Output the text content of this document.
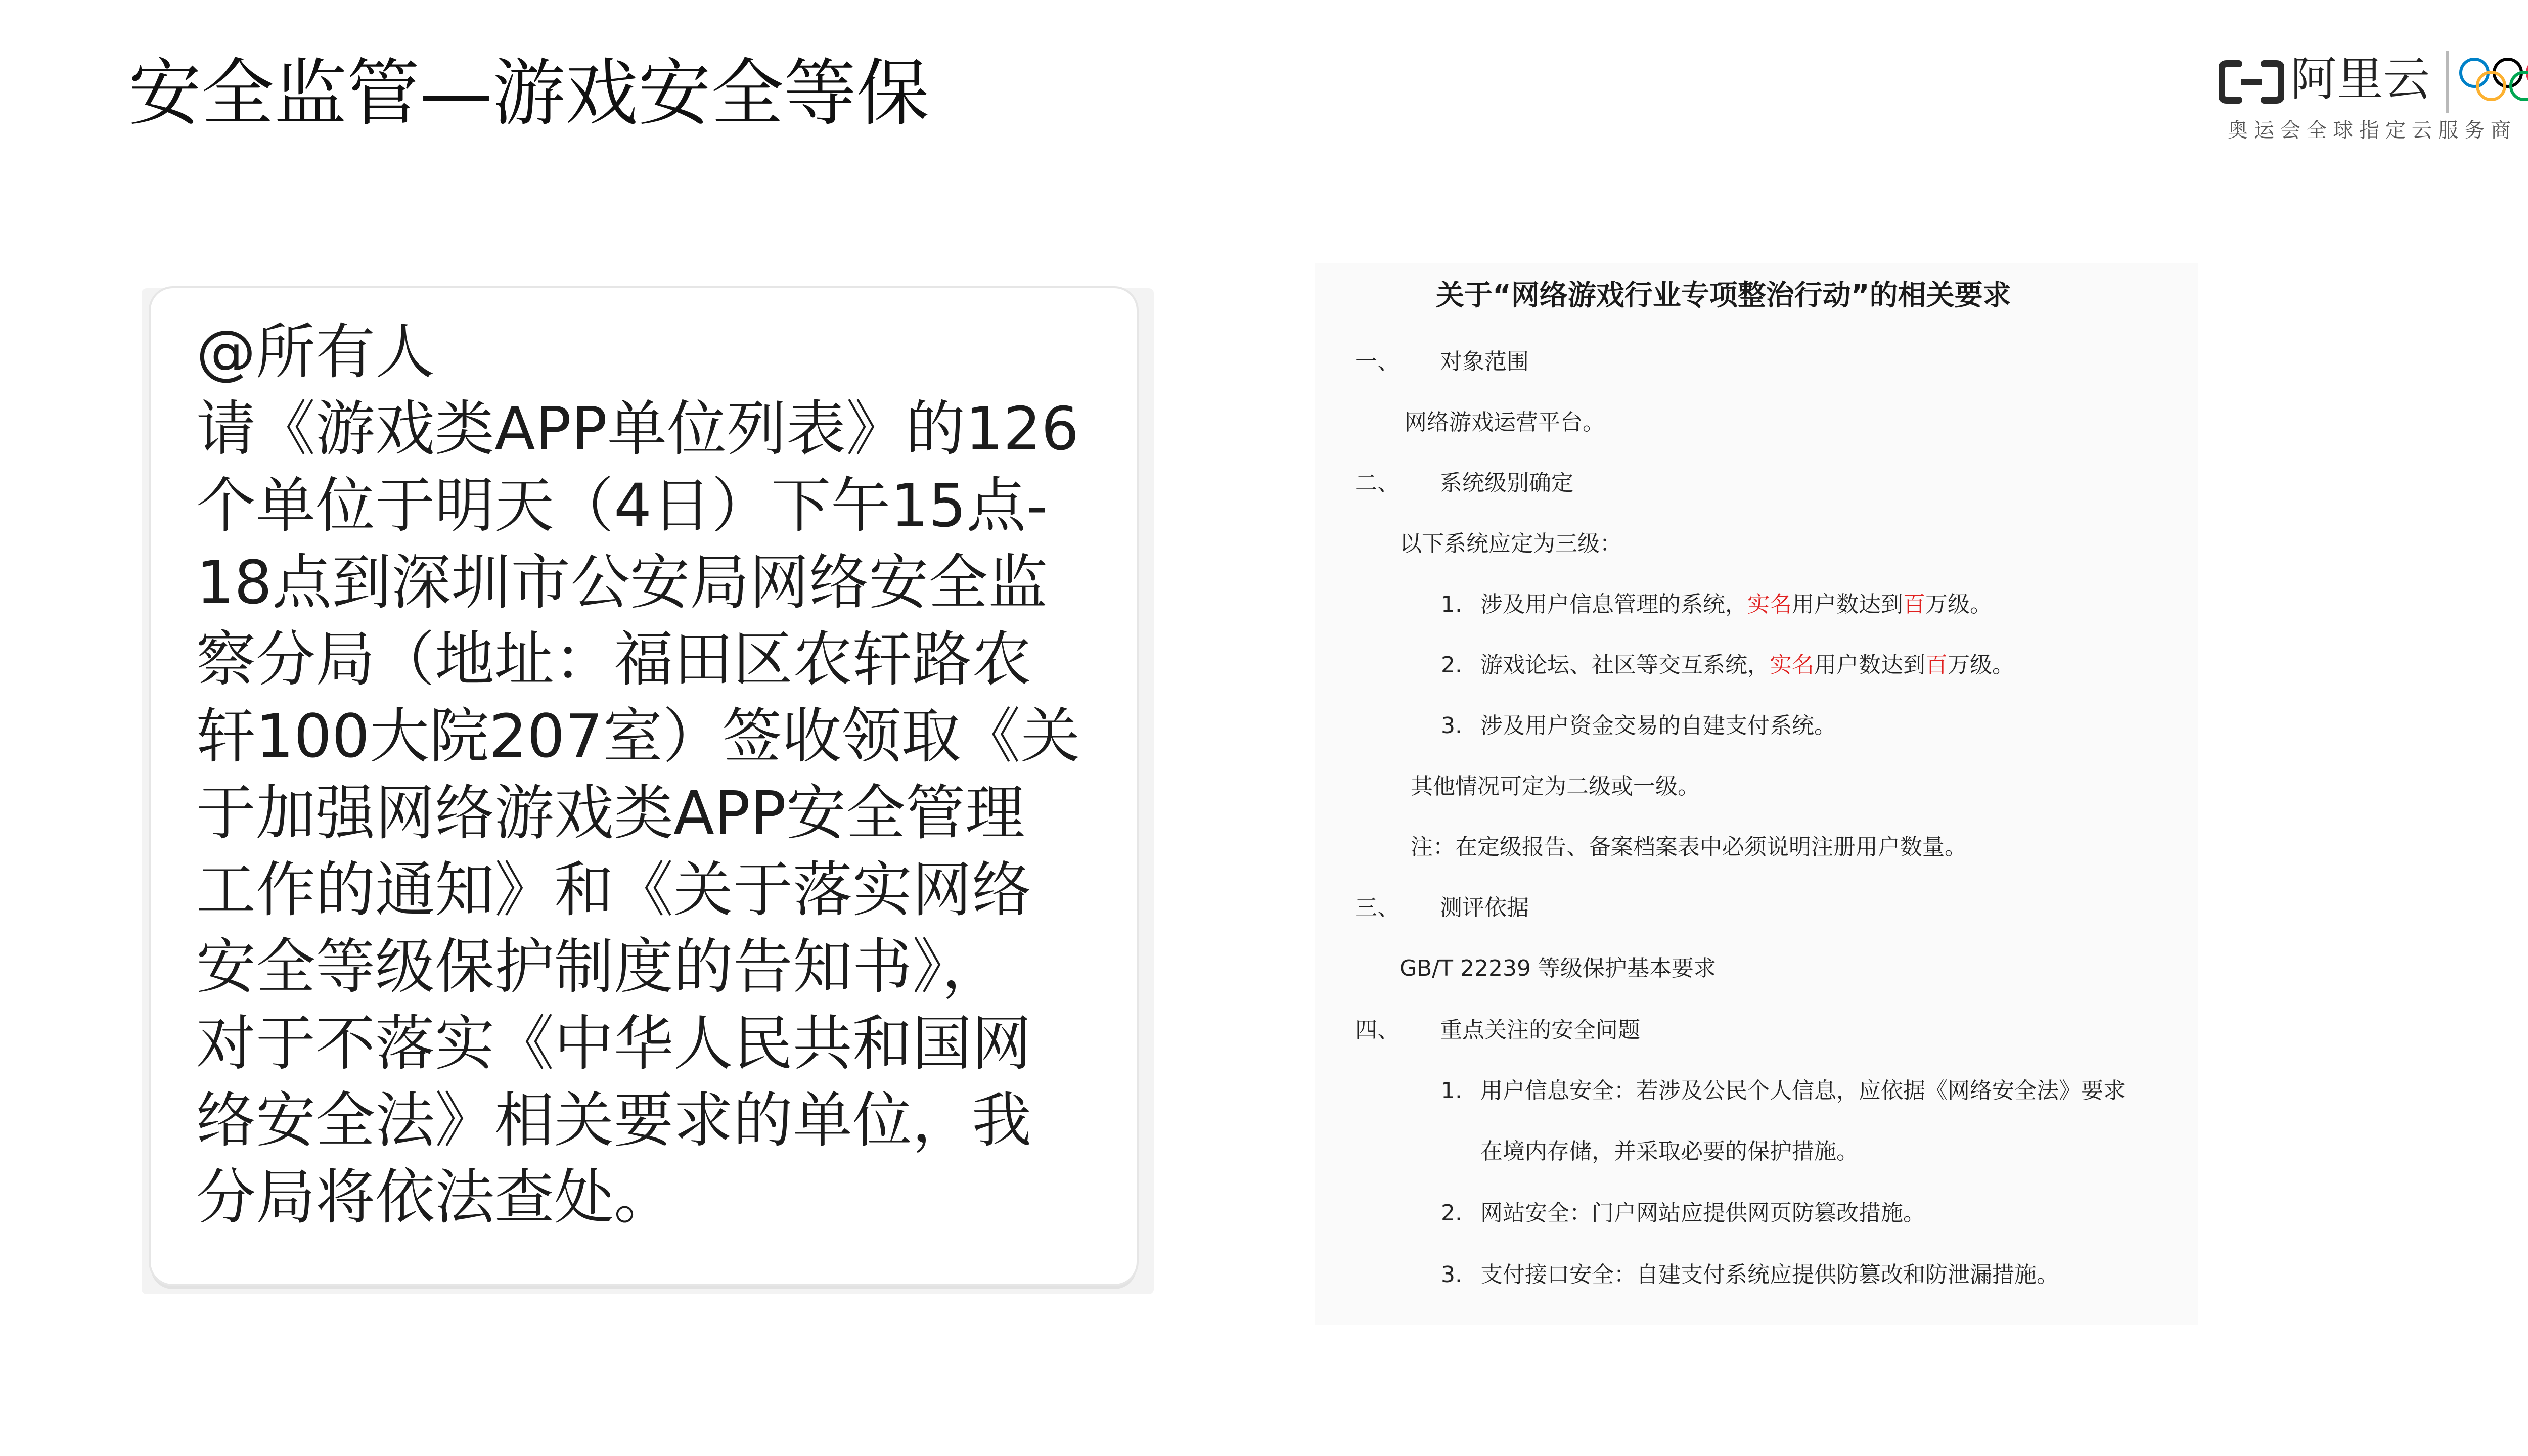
安全监管—游戏安全等保	阿里云
奥运会全球指定云服务商
@所有人
请《游戏类APP单位列表》的126
个单位于明天（4日）下午15点-
18点到深圳市公安局网络安全监
察分局（地址：福田区农轩路农
轩100大院207室）签收领取《关
于加强网络游戏类APP安全管理
工作的通知》和《关于落实网络
安全等级保护制度的告知书》，
对于不落实《中华人民共和国网
络安全法》相关要求的单位，我
分局将依法查处。
关于“网络游戏行业专项整治行动”的相关要求
一、 对象范围
网络游戏运营平台。
二、 系统级别确定
以下系统应定为三级：
1. 涉及用户信息管理的系统，实名用户数达到百万级。
2. 游戏论坛、社区等交互系统，实名用户数达到百万级。
3. 涉及用户资金交易的自建支付系统。
其他情况可定为二级或一级。
注：在定级报告、备案档案表中必须说明注册用户数量。
三、 测评依据
GB/T 22239 等级保护基本要求
四、 重点关注的安全问题
1. 用户信息安全：若涉及公民个人信息，应依据《网络安全法》要求
在境内存储，并采取必要的保护措施。
2. 网站安全：门户网站应提供网页防篡改措施。
3. 支付接口安全：自建支付系统应提供防篡改和防泄漏措施。
